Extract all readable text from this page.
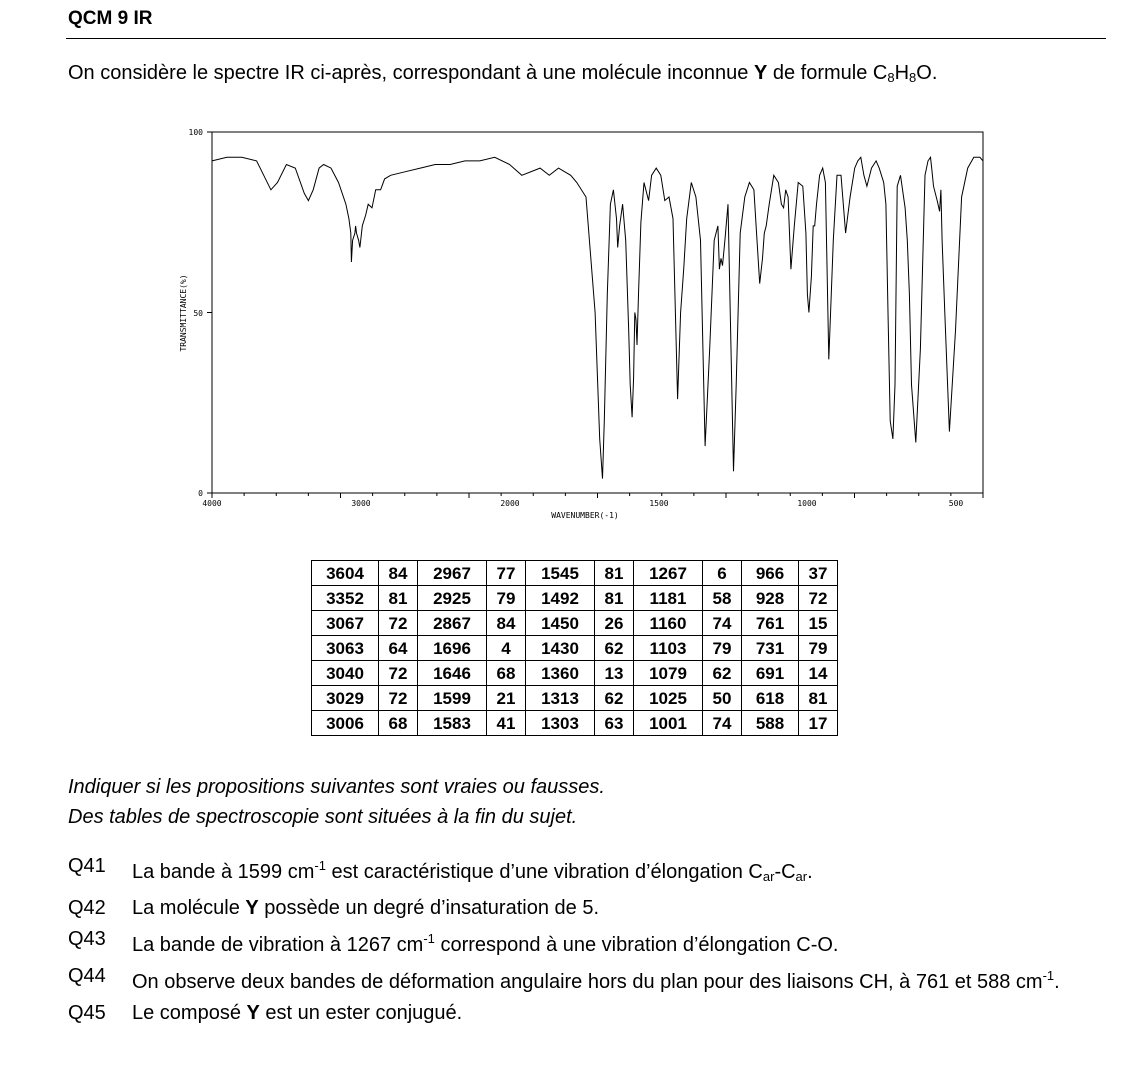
QCM 9 IR
On considère le spectre IR ci-après, correspondant à une molécule inconnue Y de formule $C_8H_8O$.
100
50
0
4000	3000	2000	1500	1000	500
WAVENUMBER(-1)
TRANSMITTANCE(%)
3604	84	2967	77	1545	81	1267	6	966	37
3352	81	2925	79	1492	81	1181	58	928	72
3067	72	2867	84	1450	26	1160	74	761	15
3063	64	1696	4	1430	62	1103	79	731	79
3040	72	1646	68	1360	13	1079	62	691	14
3029	72	1599	21	1313	62	1025	50	618	81
3006	68	1583	41	1303	63	1001	74	588	17
Indiquer si les propositions suivantes sont vraies ou fausses.
Des tables de spectroscopie sont situées à la fin du sujet.
Q41	La bande à 1599 $cm^{-1}$ est caractéristique d’une vibration d’élongation $C_{ar}-C_{ar}$.
Q42	La molécule Y possède un degré d’insaturation de 5.
Q43	La bande de vibration à 1267 $cm^{-1}$ correspond à une vibration d’élongation C-O.
Q44	On observe deux bandes de déformation angulaire hors du plan pour des liaisons CH, à 761 et 588 $cm^{-1}$.
Q45	Le composé Y est un ester conjugué.
